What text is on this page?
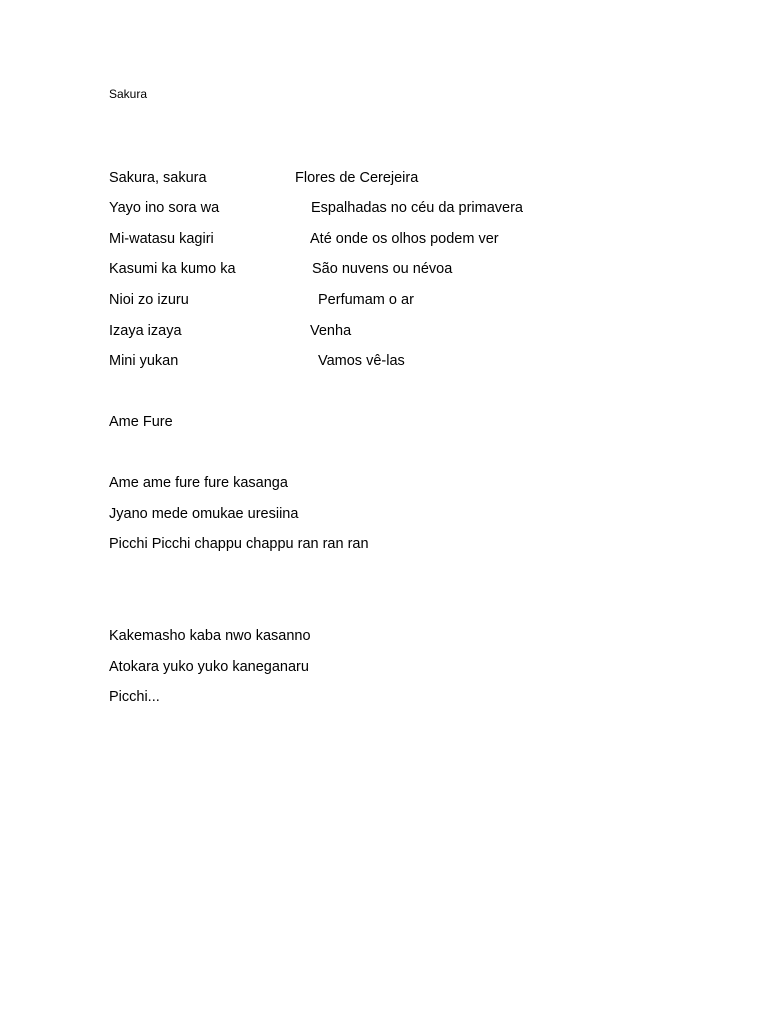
Sakura
Sakura, sakura
Yayo ino sora wa
Mi-watasu kagiri
Kasumi ka kumo ka
Nioi zo izuru
Izaya izaya
Mini yukan
Flores de Cerejeira
Espalhadas no céu da primavera
Até onde os olhos podem ver
São nuvens ou névoa
Perfumam o ar
Venha
Vamos vê-las
Ame Fure
Ame ame fure fure kasanga
Jyano mede omukae uresiina
Picchi Picchi chappu chappu ran ran ran
Kakemasho kaba nwo kasanno
Atokara yuko yuko kaneganaru
Picchi...
